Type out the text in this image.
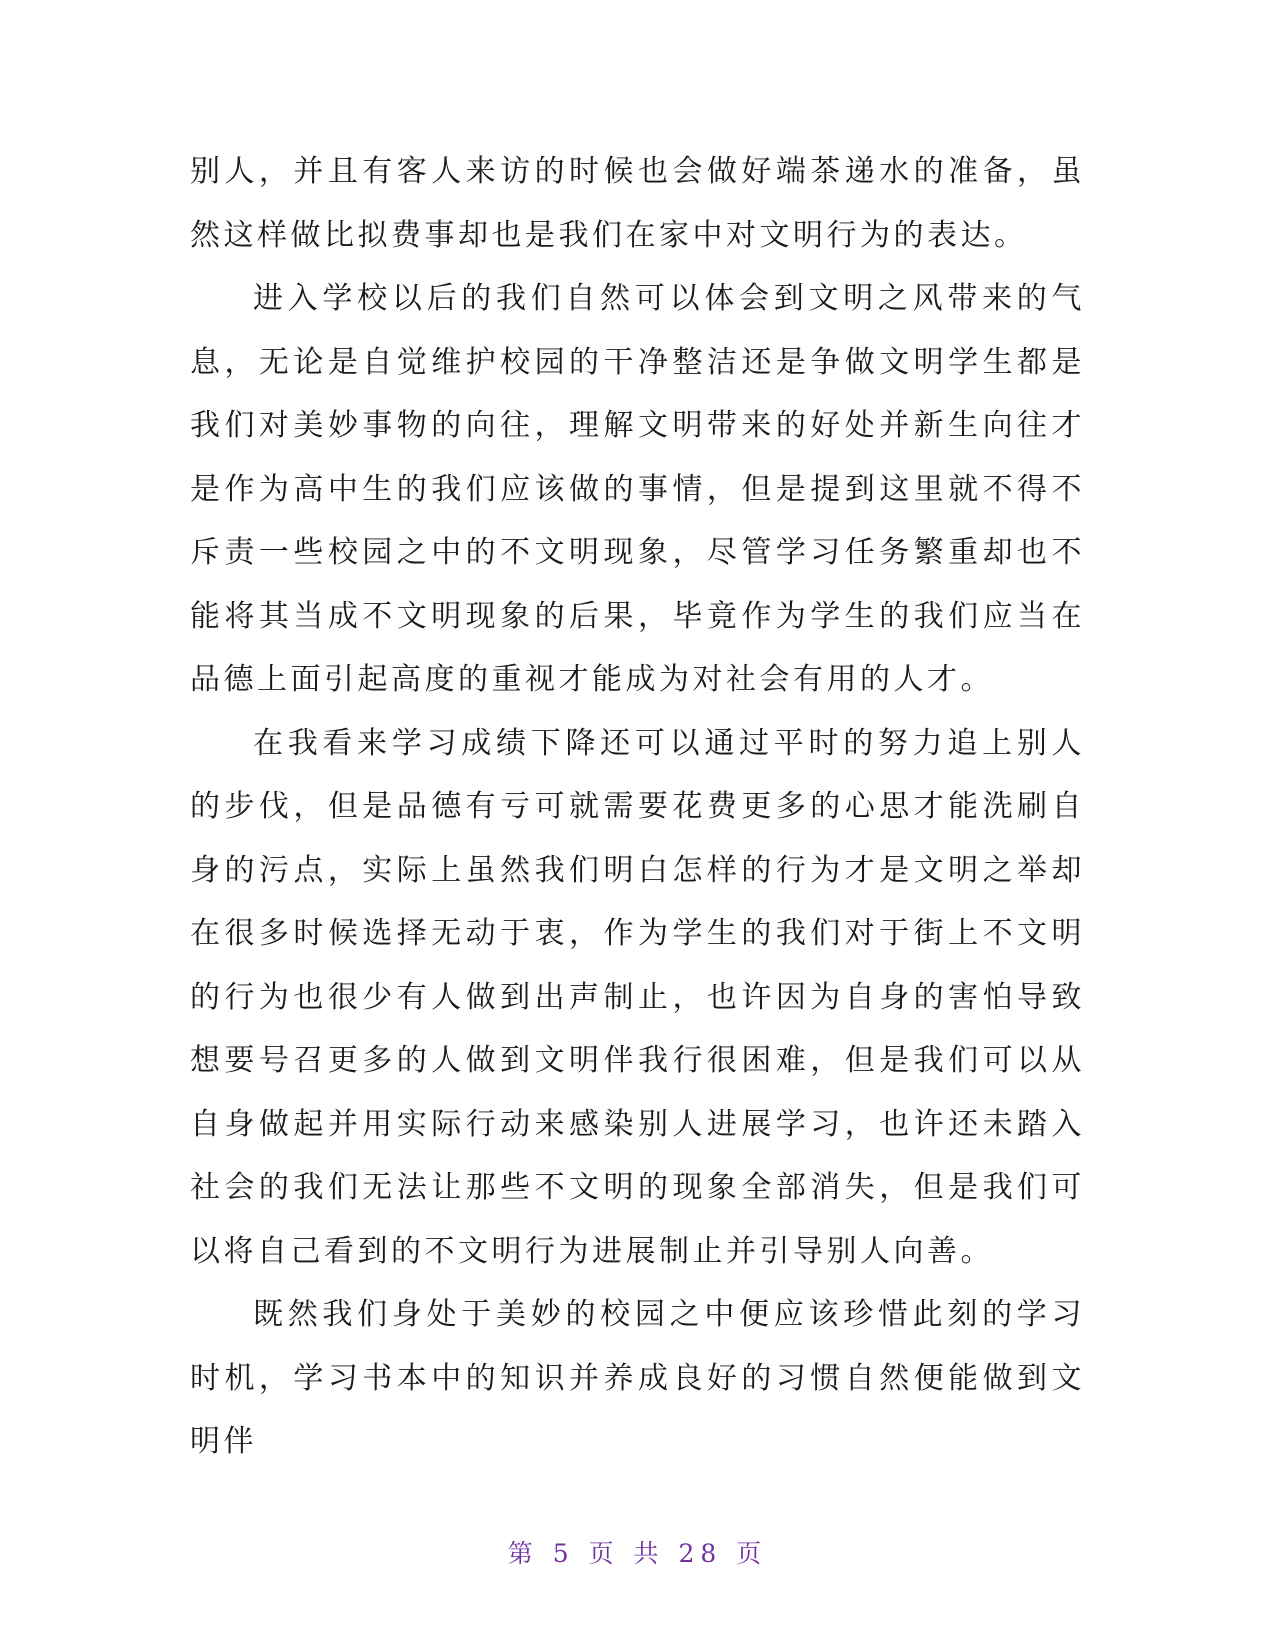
别人，并且有客人来访的时候也会做好端茶递水的准备，虽然这样做比拟费事却也是我们在家中对文明行为的表达。

进入学校以后的我们自然可以体会到文明之风带来的气息，无论是自觉维护校园的干净整洁还是争做文明学生都是我们对美妙事物的向往，理解文明带来的好处并新生向往才是作为高中生的我们应该做的事情，但是提到这里就不得不斥责一些校园之中的不文明现象，尽管学习任务繁重却也不能将其当成不文明现象的后果，毕竟作为学生的我们应当在品德上面引起高度的重视才能成为对社会有用的人才。

在我看来学习成绩下降还可以通过平时的努力追上别人的步伐，但是品德有亏可就需要花费更多的心思才能洗刷自身的污点，实际上虽然我们明白怎样的行为才是文明之举却在很多时候选择无动于衷，作为学生的我们对于街上不文明的行为也很少有人做到出声制止，也许因为自身的害怕导致想要号召更多的人做到文明伴我行很困难，但是我们可以从自身做起并用实际行动来感染别人进展学习，也许还未踏入社会的我们无法让那些不文明的现象全部消失，但是我们可以将自己看到的不文明行为进展制止并引导别人向善。

既然我们身处于美妙的校园之中便应该珍惜此刻的学习时机，学习书本中的知识并养成良好的习惯自然便能做到文明伴

第 5 页 共 28 页
